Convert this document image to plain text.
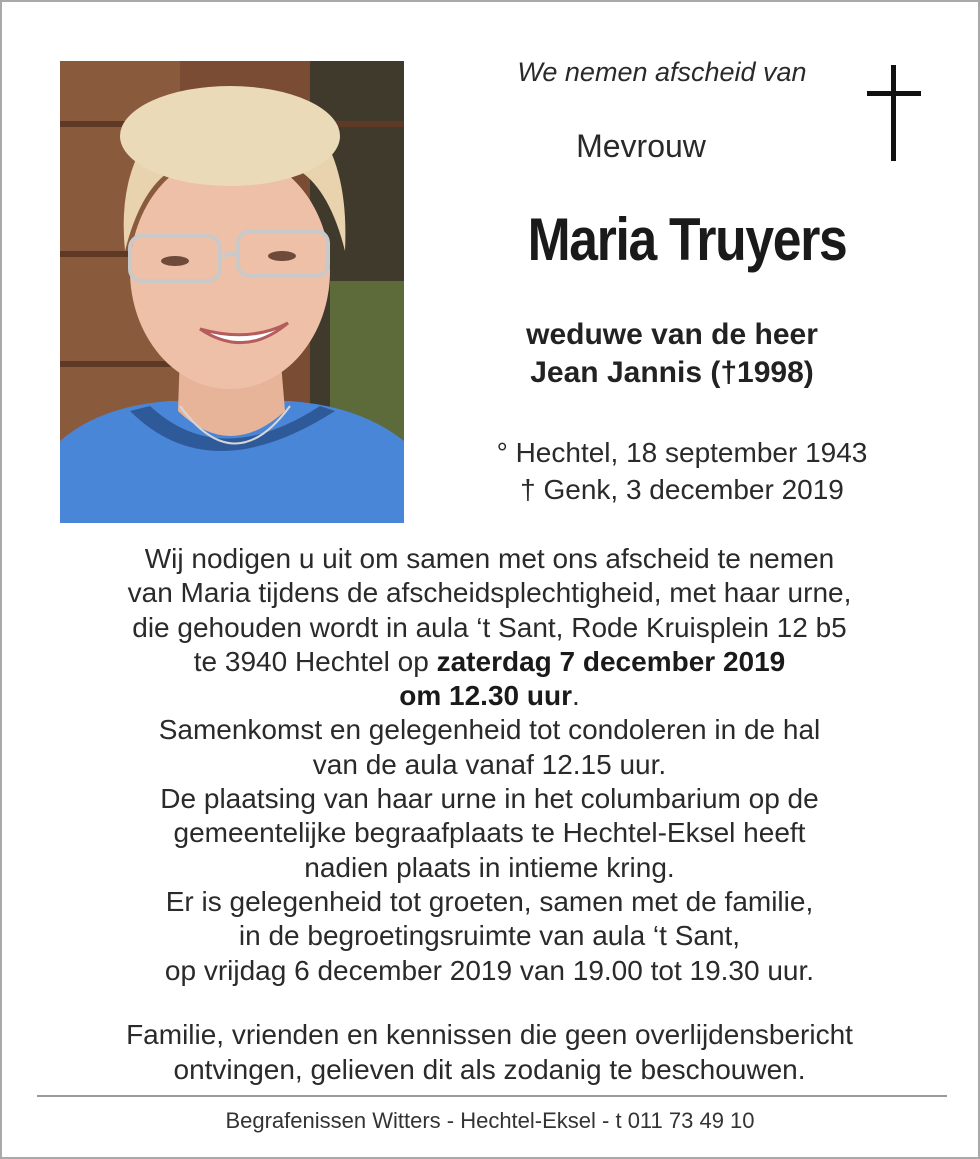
We nemen afscheid van
Mevrouw
Maria Truyers
weduwe van de heer
Jean Jannis (†1998)
° Hechtel, 18 september 1943
† Genk, 3 december 2019
Wij nodigen u uit om samen met ons afscheid te nemen
van Maria tijdens de afscheidsplechtigheid, met haar urne,
die gehouden wordt in aula ‘t Sant, Rode Kruisplein 12 b5
te 3940 Hechtel op zaterdag 7 december 2019
om 12.30 uur.
Samenkomst en gelegenheid tot condoleren in de hal
van de aula vanaf 12.15 uur.
De plaatsing van haar urne in het columbarium op de
gemeentelijke begraafplaats te Hechtel-Eksel heeft
nadien plaats in intieme kring.
Er is gelegenheid tot groeten, samen met de familie,
in de begroetingsruimte van aula ‘t Sant,
op vrijdag 6 december 2019 van 19.00 tot 19.30 uur.
Familie, vrienden en kennissen die geen overlijdensbericht
ontvingen, gelieven dit als zodanig te beschouwen.
Begrafenissen Witters - Hechtel-Eksel - t 011 73 49 10
